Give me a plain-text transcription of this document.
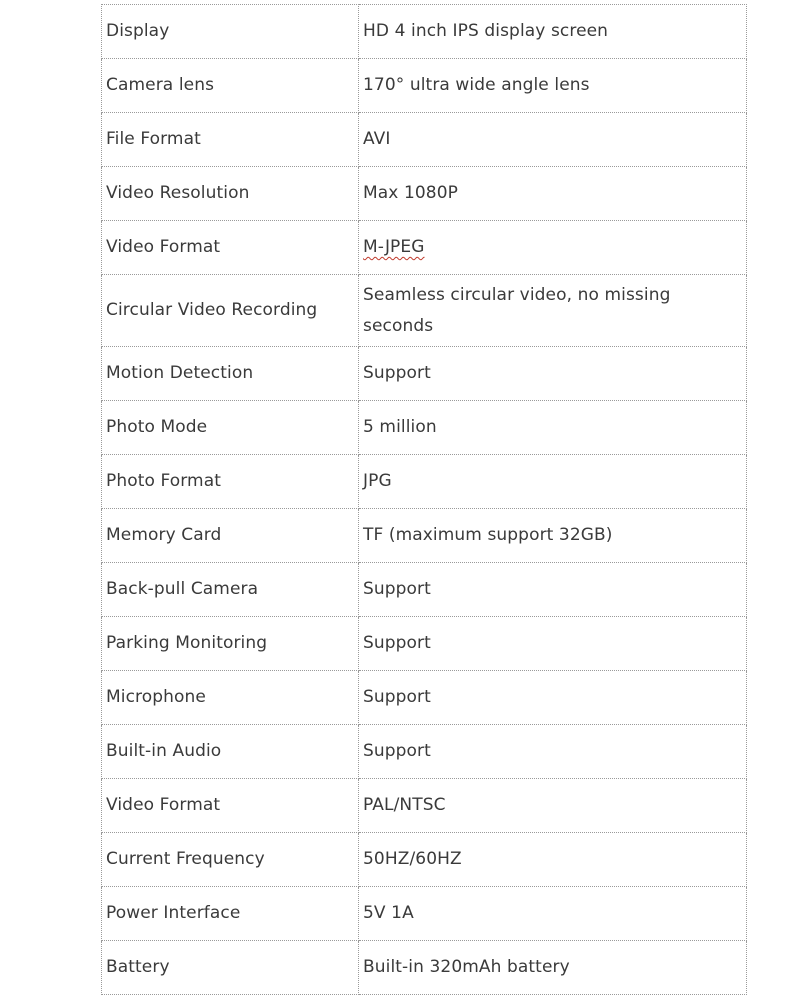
Display	HD 4 inch IPS display screen
Camera lens	170° ultra wide angle lens
File Format	AVI
Video Resolution	Max 1080P
Video Format	M-JPEG
Circular Video Recording	Seamless circular video, no missing seconds
Motion Detection	Support
Photo Mode	5 million
Photo Format	JPG
Memory Card	TF (maximum support 32GB)
Back-pull Camera	Support
Parking Monitoring	Support
Microphone	Support
Built-in Audio	Support
Video Format	PAL/NTSC
Current Frequency	50HZ/60HZ
Power Interface	5V 1A
Battery	Built-in 320mAh battery
